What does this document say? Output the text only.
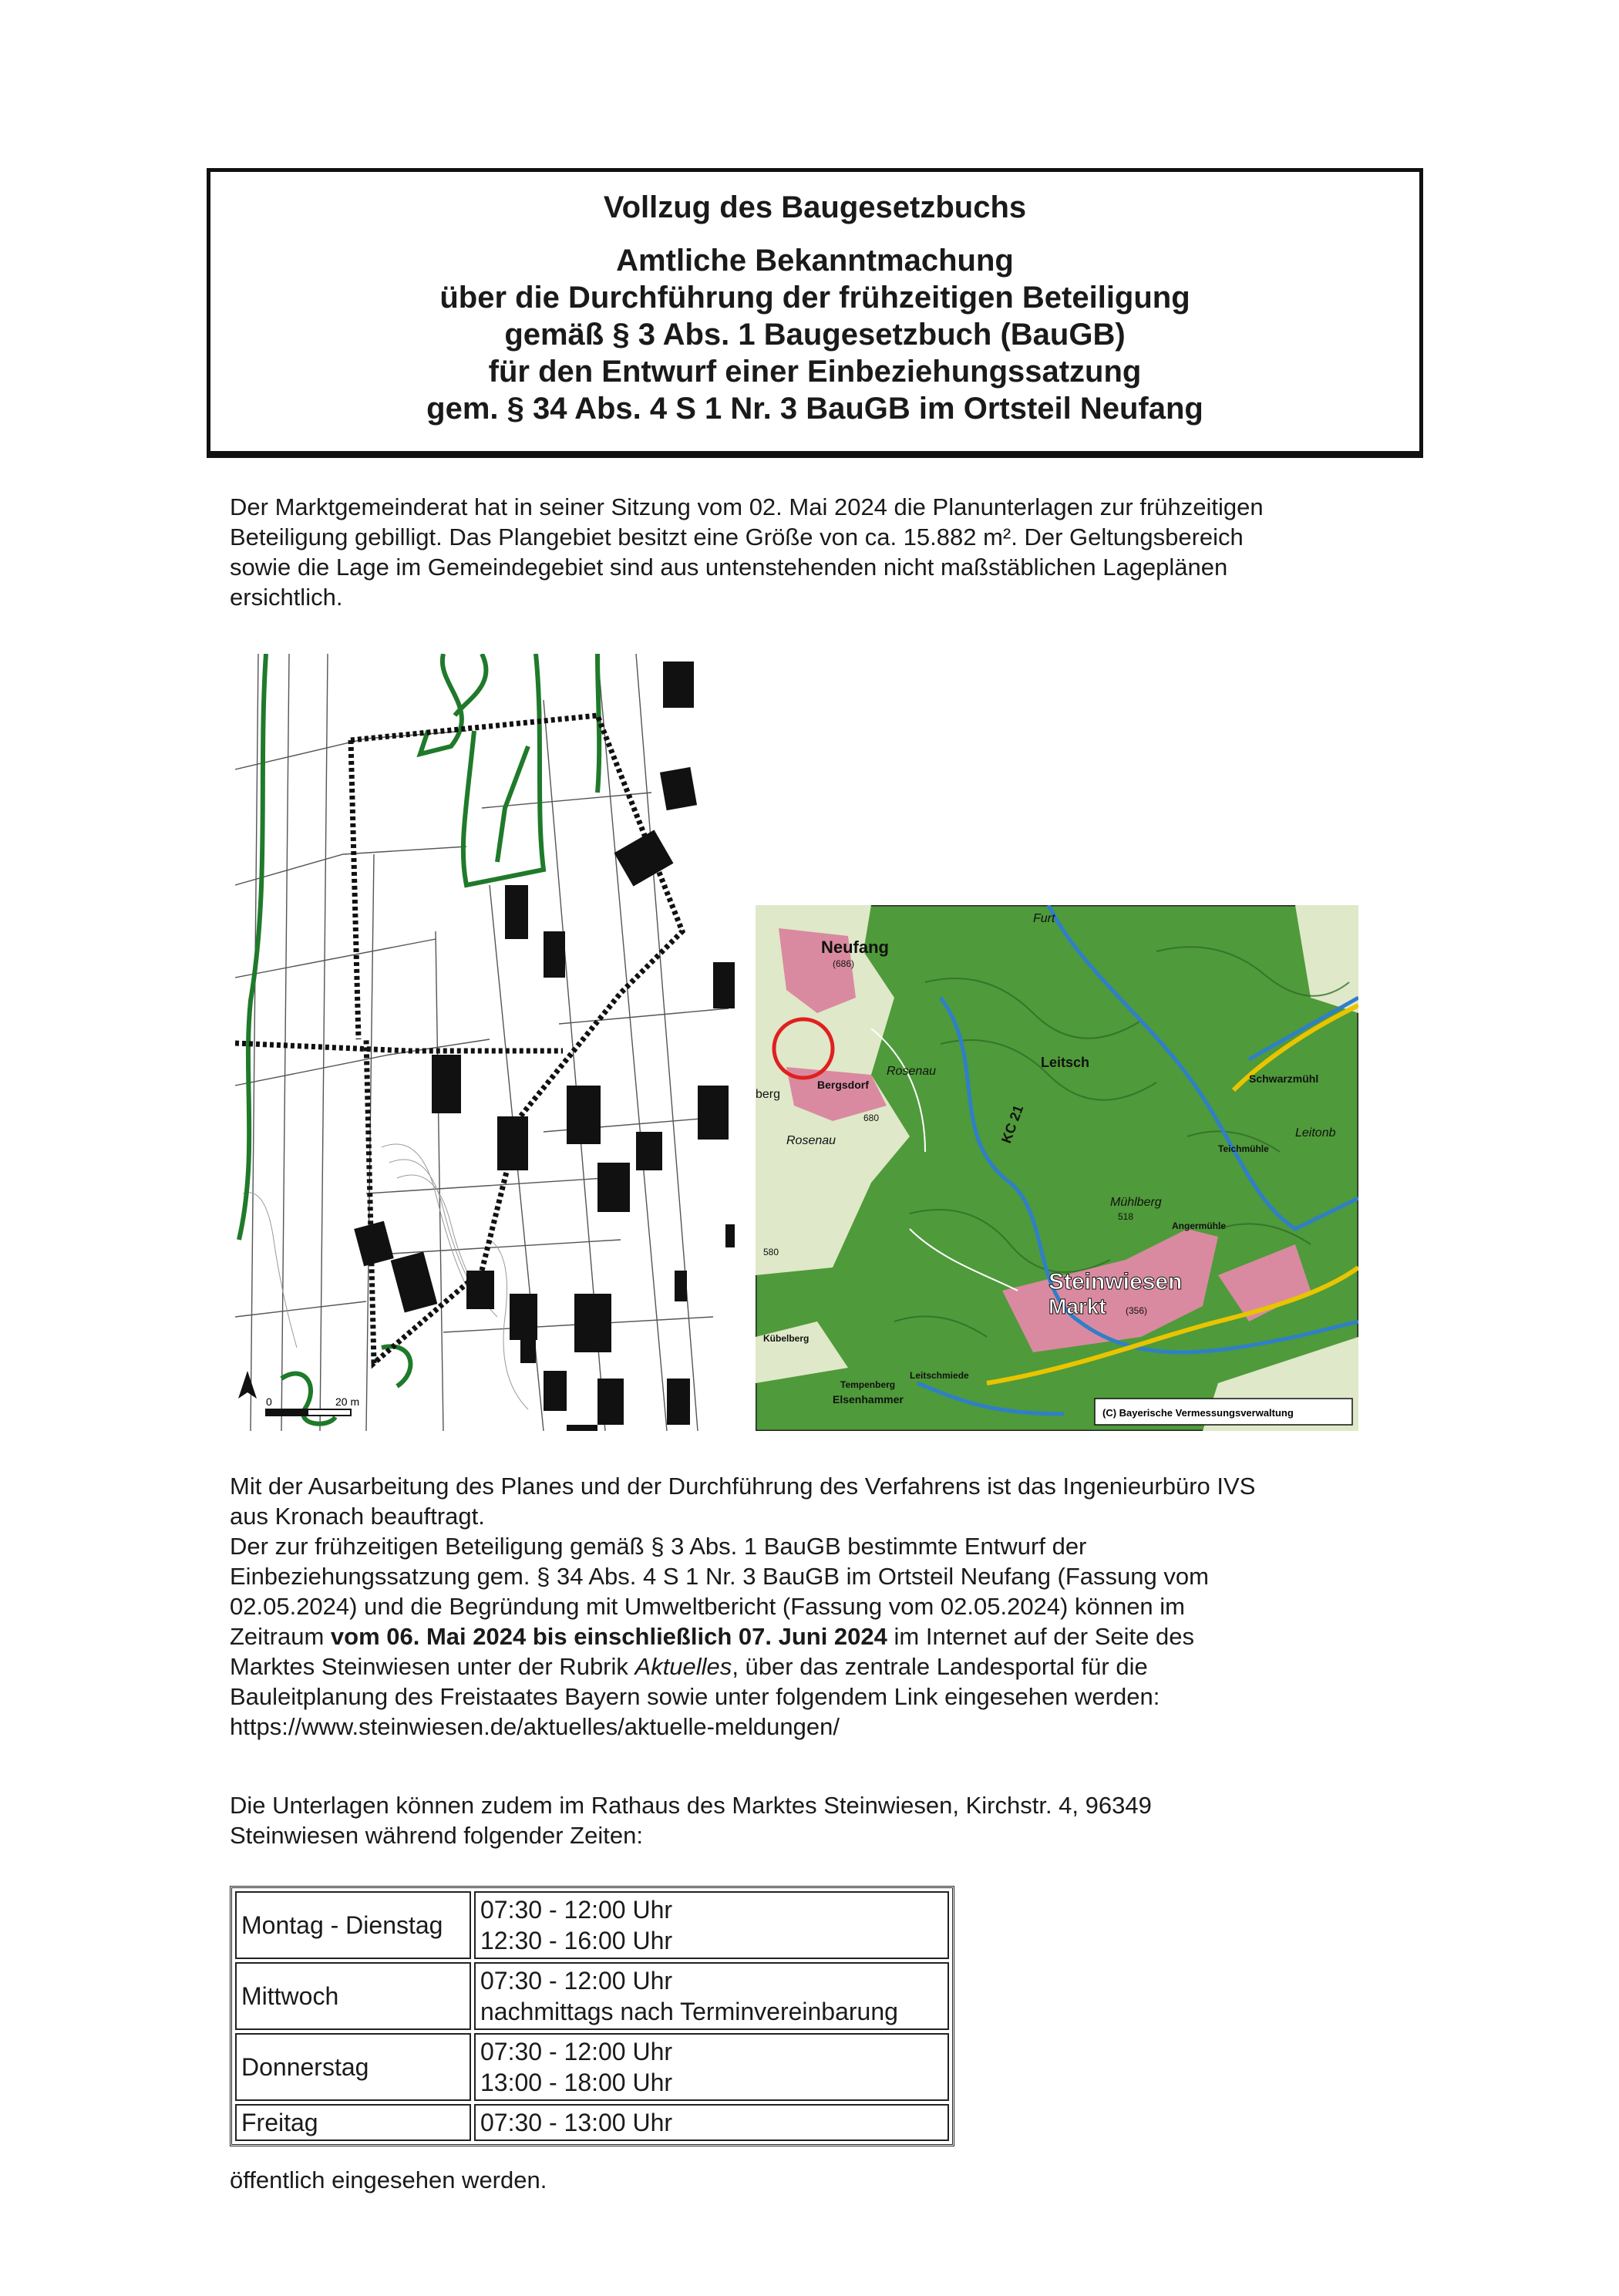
Vollzug des Baugesetzbuchs
Amtliche Bekanntmachung
über die Durchführung der frühzeitigen Beteiligung
gemäß § 3 Abs. 1 Baugesetzbuch (BauGB)
für den Entwurf einer Einbeziehungssatzung
gem. § 34 Abs. 4 S 1 Nr. 3 BauGB im Ortsteil Neufang
Der Marktgemeinderat hat in seiner Sitzung vom 02. Mai 2024 die Planunterlagen zur frühzeitigen
Beteiligung gebilligt. Das Plangebiet besitzt eine Größe von ca. 15.882 m². Der Geltungsbereich
sowie die Lage im Gemeindegebiet sind aus untenstehenden nicht maßstäblichen Lageplänen
ersichtlich.
0	20 m
Neufang
(686)
Furt
Leitsch
Bergsdorf
berg
Rosenau
Rosenau
Schwarzmühl
Leitonb
Teichmühle
Mühlberg
518
Angermühle
Steinwiesen
Markt (356)
Kübelberg
Tempenberg
Leitschmiede
Elsenhammer
KC 21
680
580
(C) Bayerische Vermessungsverwaltung
Mit der Ausarbeitung des Planes und der Durchführung des Verfahrens ist das Ingenieurbüro IVS
aus Kronach beauftragt.
Der zur frühzeitigen Beteiligung gemäß § 3 Abs. 1 BauGB bestimmte Entwurf der
Einbeziehungssatzung gem. § 34 Abs. 4 S 1 Nr. 3 BauGB im Ortsteil Neufang (Fassung vom
02.05.2024) und die Begründung mit Umweltbericht (Fassung vom 02.05.2024) können im
Zeitraum vom 06. Mai 2024 bis einschließlich 07. Juni 2024 im Internet auf der Seite des
Marktes Steinwiesen unter der Rubrik Aktuelles, über das zentrale Landesportal für die
Bauleitplanung des Freistaates Bayern sowie unter folgendem Link eingesehen werden:
https://www.steinwiesen.de/aktuelles/aktuelle-meldungen/
Die Unterlagen können zudem im Rathaus des Marktes Steinwiesen, Kirchstr. 4, 96349
Steinwiesen während folgender Zeiten:
Montag - Dienstag	07:30 - 12:00 Uhr
12:30 - 16:00 Uhr

Mittwoch	07:30 - 12:00 Uhr
nachmittags nach Terminvereinbarung

Donnerstag	07:30 - 12:00 Uhr
13:00 - 18:00 Uhr

Freitag	07:30 - 13:00 Uhr
öffentlich eingesehen werden.
